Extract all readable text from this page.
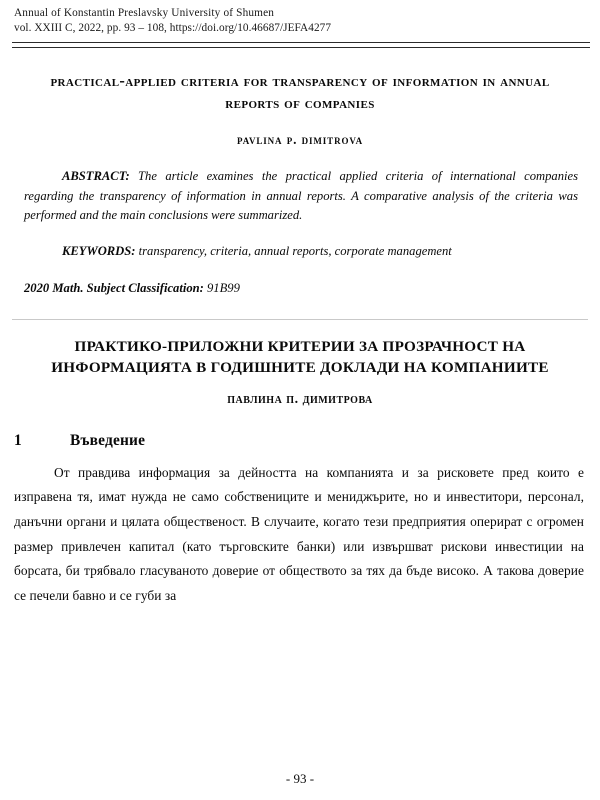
Annual of Konstantin Preslavsky University of Shumen
vol. XXIII C, 2022, pp. 93 – 108, https://doi.org/10.46687/JEFA4277
practical-applied criteria for transparency of information in annual reports of companies
pavlina p. dimitrova

ABSTRACT: The article examines the practical applied criteria of international companies regarding the transparency of information in annual reports. A comparative analysis of the criteria was performed and the main conclusions were summarized.

KEYWORDS: transparency, criteria, annual reports, corporate management

2020 Math. Subject Classification: 91B99

ПРАКТИКО-ПРИЛОЖНИ КРИТЕРИИ ЗА ПРОЗРАЧНОСТ НА ИНФОРМАЦИЯТА В ГОДИШНИТЕ ДОКЛАДИ НА КОМПАНИИТЕ
павлина п. димитрова
1	Въведение

От правдива информация за дейността на компанията и за рисковете пред които е изправена тя, имат нужда не само собствениците и мениджърите, но и инвеститори, персонал, данъчни органи и цялата общественост. В случаите, когато тези предприятия оперират с огромен размер привлечен капитал (като търговските банки) или извършват рискови инвестиции на борсата, би трябвало гласуваното доверие от обществото за тях да бъде високо. А такова доверие се печели бавно и се губи за

- 93 -
